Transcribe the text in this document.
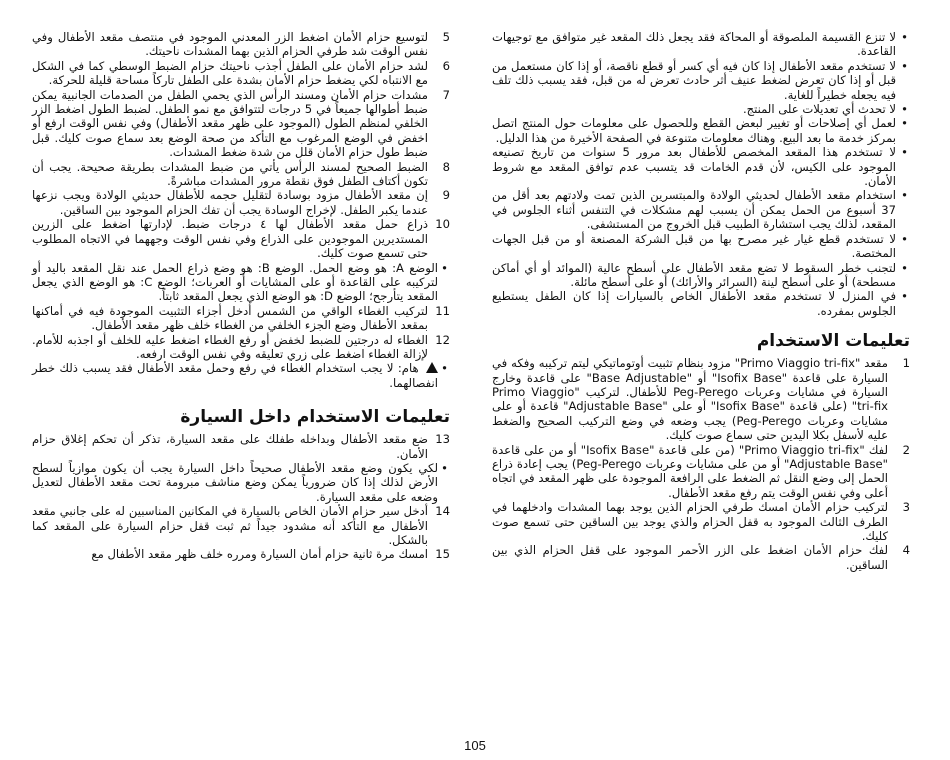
• لا تنزع القسيمة الملصوقة أو المحاكة فقد يجعل ذلك المقعد غير متوافق مع توجيهات القاعدة.
• لا تستخدم مقعد الأطفال إذا كان فيه أي كسر أو قطع ناقصة، أو إذا كان مستعمل من قبل أو إذا كان تعرض لضغط عنيف أثر حادث تعرض له من قبل، فقد يسبب ذلك تلف فيه يجعله خطيراً للغاية.
• لا تحدث أي تعديلات على المنتج.
• لعمل أي إصلاحات أو تغيير لبعض القطع وللحصول على معلومات حول المنتج اتصل بمركز خدمة ما بعد البيع. وهناك معلومات متنوعة في الصفحة الأخيرة من هذا الدليل.
• لا تستخدم هذا المقعد المخصص للأطفال بعد مرور 5 سنوات من تاريخ تصنيعه الموجود على الكيس، لأن قدم الخامات قد يتسبب عدم توافق المقعد مع شروط الأمان.
• استخدام مقعد الأطفال لحديثي الولادة والمبتسرين الذين تمت ولادتهم بعد أقل من 37 أسبوع من الحمل يمكن أن يسبب لهم مشكلات في التنفس أثناء الجلوس في المقعد، لذلك يجب استشارة الطبيب قبل الخروج من المستشفى.
• لا تستخدم قطع غيار غير مصرح بها من قبل الشركة المصنعة أو من قبل الجهات المختصة.
• لتجنب خطر السقوط لا تضع مقعد الأطفال على أسطح عالية (الموائد أو أي أماكن مسطحة) أو على أسطح لينة (السرائر والأرائك) أو على أسطح مائلة.
• في المنزل لا تستخدم مقعد الأطفال الخاص بالسيارات إذا كان الطفل يستطيع الجلوس بمفرده.
تعليمات الاستخدام
1
مقعد "Primo Viaggio tri-fix" مزود بنظام تثبيت أوتوماتيكي ليتم تركيبه وفكه في السيارة على قاعدة "Isofix Base" أو "Base Adjustable" على قاعدة وخارج السيارة في مشايات وعربات Peg-Perego للأطفال. لتركيب "Primo Viaggio tri-fix" (على قاعدة "Isofix Base" أو على "Adjustable Base" قاعدة أو على مشايات وعربات Peg-Perego) يجب وضعه في وضع التركيب الصحيح والضغط عليه لأسفل بكلا اليدين حتى سماع صوت كليك.
2
لفك "Primo Viaggio tri-fix" (من على قاعدة "Isofix Base" أو من على قاعدة "Adjustable Base" أو من على مشايات وعربات Peg-Perego) يجب إعادة ذراع الحمل إلى وضع النقل ثم الضغط على الرافعة الموجودة على ظهر المقعد في اتجاه أعلى وفي نفس الوقت يتم رفع مقعد الأطفال.
3
لتركيب حزام الأمان امسك طرفي الحزام الذين يوجد بهما المشدات وادخلهما في الطرف الثالث الموجود به قفل الحزام والذي يوجد بين الساقين حتى تسمع صوت كليك.
4
لفك حزام الأمان اضغط على الزر الأحمر الموجود على قفل الحزام الذي بين الساقين.
5
لتوسيع حزام الأمان اضغط الزر المعدني الموجود في منتصف مقعد الأطفال وفي نفس الوقت شد طرفي الحزام الذين بهما المشدات ناحيتك.
6
لشد حزام الأمان على الطفل أجذب ناحيتك حزام الضبط الوسطي كما في الشكل مع الانتباه لكي يضغط حزام الأمان بشدة على الطفل تاركاً مساحة قليلة للحركة.
7
مشدات حزام الأمان ومسند الرأس الذي يحمي الطفل من الصدمات الجانبية يمكن ضبط أطوالها جميعاً في 5 درجات لتتوافق مع نمو الطفل. لضبط الطول اضغط الزر الخلفي لمنظم الطول (الموجود على ظهر مقعد الأطفال) وفي نفس الوقت ارفع أو اخفض في الوضع المرغوب مع التأكد من صحة الوضع بعد سماع صوت كليك. قبل ضبط طول حزام الأمان قلل من شدة ضغط المشدات.
8
الضبط الصحيح لمسند الرأس يأتي من ضبط المشدات بطريقة صحيحة. يجب أن تكون أكتاف الطفل فوق نقطة مرور المشدات مباشرةً.
9
إن مقعد الأطفال مزود بوسادة لتقليل حجمه للأطفال حديثي الولادة ويجب نزعها عندما يكبر الطفل. لإخراج الوسادة يجب أن تفك الحزام الموجود بين الساقين.
10
ذراع حمل مقعد الأطفال لها ٤ درجات ضبط. لإدارتها اضغط على الزرين المستديرين الموجودين على الذراع وفي نفس الوقت وجههما في الاتجاه المطلوب حتى تسمع صوت كليك.
• الوضع A: هو وضع الحمل. الوضع B: هو وضع ذراع الحمل عند نقل المقعد باليد أو لتركيبه على القاعدة أو على المشايات أو العربات؛ الوضع C: هو الوضع الذي يجعل المقعد يتأرجح؛ الوضع D: هو الوضع الذي يجعل المقعد ثابتاً.
11
لتركيب الغطاء الواقي من الشمس أدخل أجزاء التثبيت الموجودة فيه في أماكنها بمقعد الأطفال وضع الجزء الخلفي من الغطاء خلف ظهر مقعد الأطفال.
12
الغطاء له درجتين للضبط لخفض أو رفع الغطاء اضغط عليه للخلف أو اجذبه للأمام. لإزالة الغطاء اضغط على زري تعليقه وفي نفس الوقت ارفعه.
• هام: لا يجب استخدام الغطاء في رفع وحمل مقعد الأطفال فقد يسبب ذلك خطر انفصالهما.
تعليمات الاستخدام داخل السيارة
13
ضع مقعد الأطفال وبداخله طفلك على مقعد السيارة، تذكر أن تحكم إغلاق حزام الأمان.
• لكي يكون وضع مقعد الأطفال صحيحاً داخل السيارة يجب أن يكون موازياً لسطح الأرض لذلك إذا كان ضرورياً يمكن وضع مناشف مبرومة تحت مقعد الأطفال لتعديل وضعه على مقعد السيارة.
14
أدخل سير حزام الأمان الخاص بالسيارة في المكانين المناسبين له على جانبي مقعد الأطفال مع التأكد أنه مشدود جيداً ثم ثبت قفل حزام السيارة على المقعد كما بالشكل.
15
امسك مرة ثانية حزام أمان السيارة ومرره خلف ظهر مقعد الأطفال مع
105
